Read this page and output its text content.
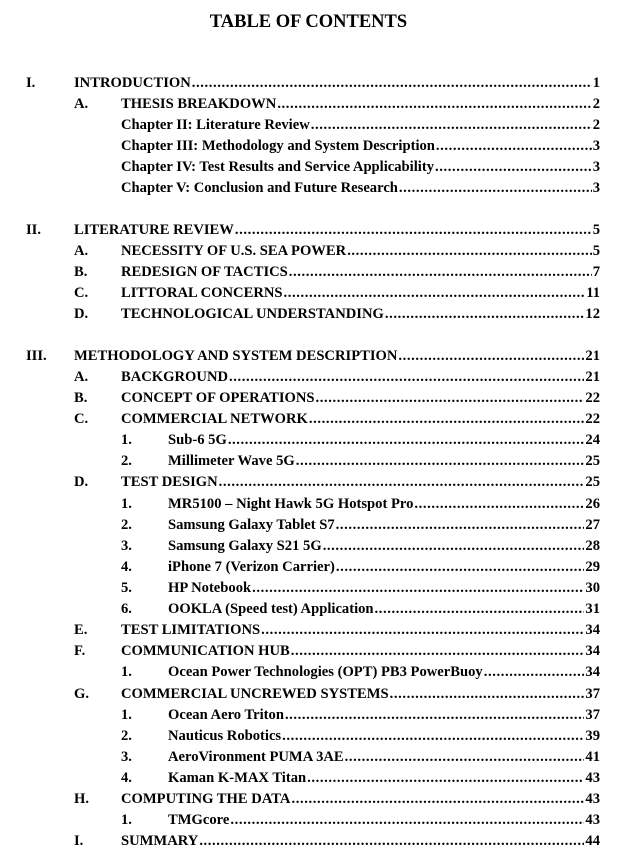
TABLE OF CONTENTS
I.	INTRODUCTION .....	1
A. THESIS BREAKDOWN .....	2
Chapter II: Literature Review .....	2
Chapter III: Methodology and System Description .....	3
Chapter IV: Test Results and Service Applicability .....	3
Chapter V: Conclusion and Future Research .....	3
II. LITERATURE REVIEW .....	5
A. NECESSITY OF U.S. SEA POWER .....	5
B. REDESIGN OF TACTICS .....	7
C. LITTORAL CONCERNS .....	11
D. TECHNOLOGICAL UNDERSTANDING .....	12
III. METHODOLOGY AND SYSTEM DESCRIPTION .....	21
A. BACKGROUND .....	21
B. CONCEPT OF OPERATIONS .....	22
C. COMMERCIAL NETWORK .....	22
1. Sub-6 5G .....	24
2. Millimeter Wave 5G .....	25
D. TEST DESIGN .....	25
1. MR5100 – Night Hawk 5G Hotspot Pro .....	26
2. Samsung Galaxy Tablet S7 .....	27
3. Samsung Galaxy S21 5G .....	28
4. iPhone 7 (Verizon Carrier) .....	29
5. HP Notebook .....	30
6. OOKLA (Speed test) Application .....	31
E. TEST LIMITATIONS .....	34
F. COMMUNICATION HUB .....	34
1. Ocean Power Technologies (OPT) PB3 PowerBuoy .....	34
G. COMMERCIAL UNCREWED SYSTEMS .....	37
1. Ocean Aero Triton .....	37
2. Nauticus Robotics .....	39
3. AeroVironment PUMA 3AE .....	41
4. Kaman K-MAX Titan .....	43
H. COMPUTING THE DATA .....	43
1. TMGcore .....	43
I.	SUMMARY .....	44
